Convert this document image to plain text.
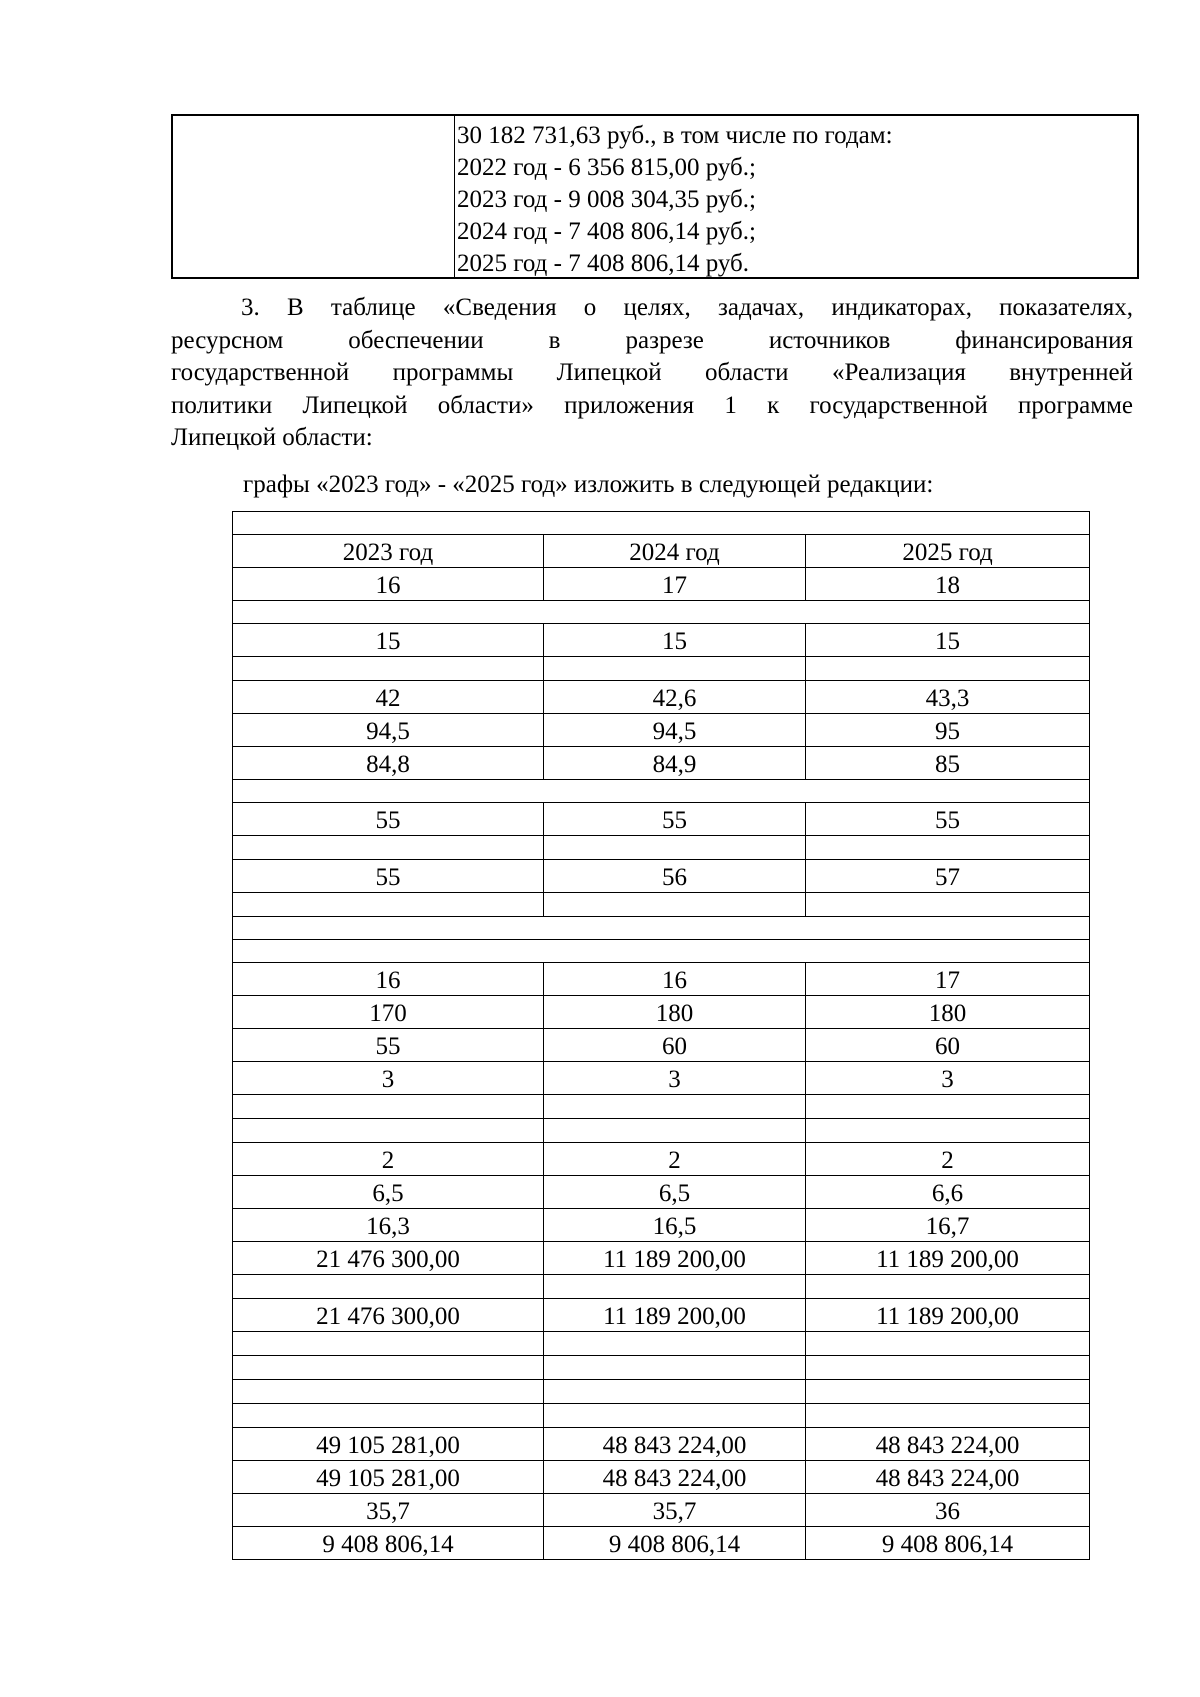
30 182 731,63 руб., в том числе по годам:
2022 год - 6 356 815,00 руб.;
2023 год - 9 008 304,35 руб.;
2024 год - 7 408 806,14 руб.;
2025 год - 7 408 806,14 руб.
3. В таблице «Сведения о целях, задачах, индикаторах, показателях,
ресурсном обеспечении в разрезе источников финансирования
государственной программы Липецкой области «Реализация внутренней
политики Липецкой области» приложения 1 к государственной программе
Липецкой области:
графы «2023 год» - «2025 год» изложить в следующей редакции:

2023 год	2024 год	2025 год
16	17	18

15	15	15

42	42,6	43,3
94,5	94,5	95
84,8	84,9	85

55	55	55

55	56	57

16	16	17
170	180	180
55	60	60
3	3	3

2	2	2
6,5	6,5	6,6
16,3	16,5	16,7
21 476 300,00	11 189 200,00	11 189 200,00

21 476 300,00	11 189 200,00	11 189 200,00

49 105 281,00	48 843 224,00	48 843 224,00
49 105 281,00	48 843 224,00	48 843 224,00
35,7	35,7	36
9 408 806,14	9 408 806,14	9 408 806,14
